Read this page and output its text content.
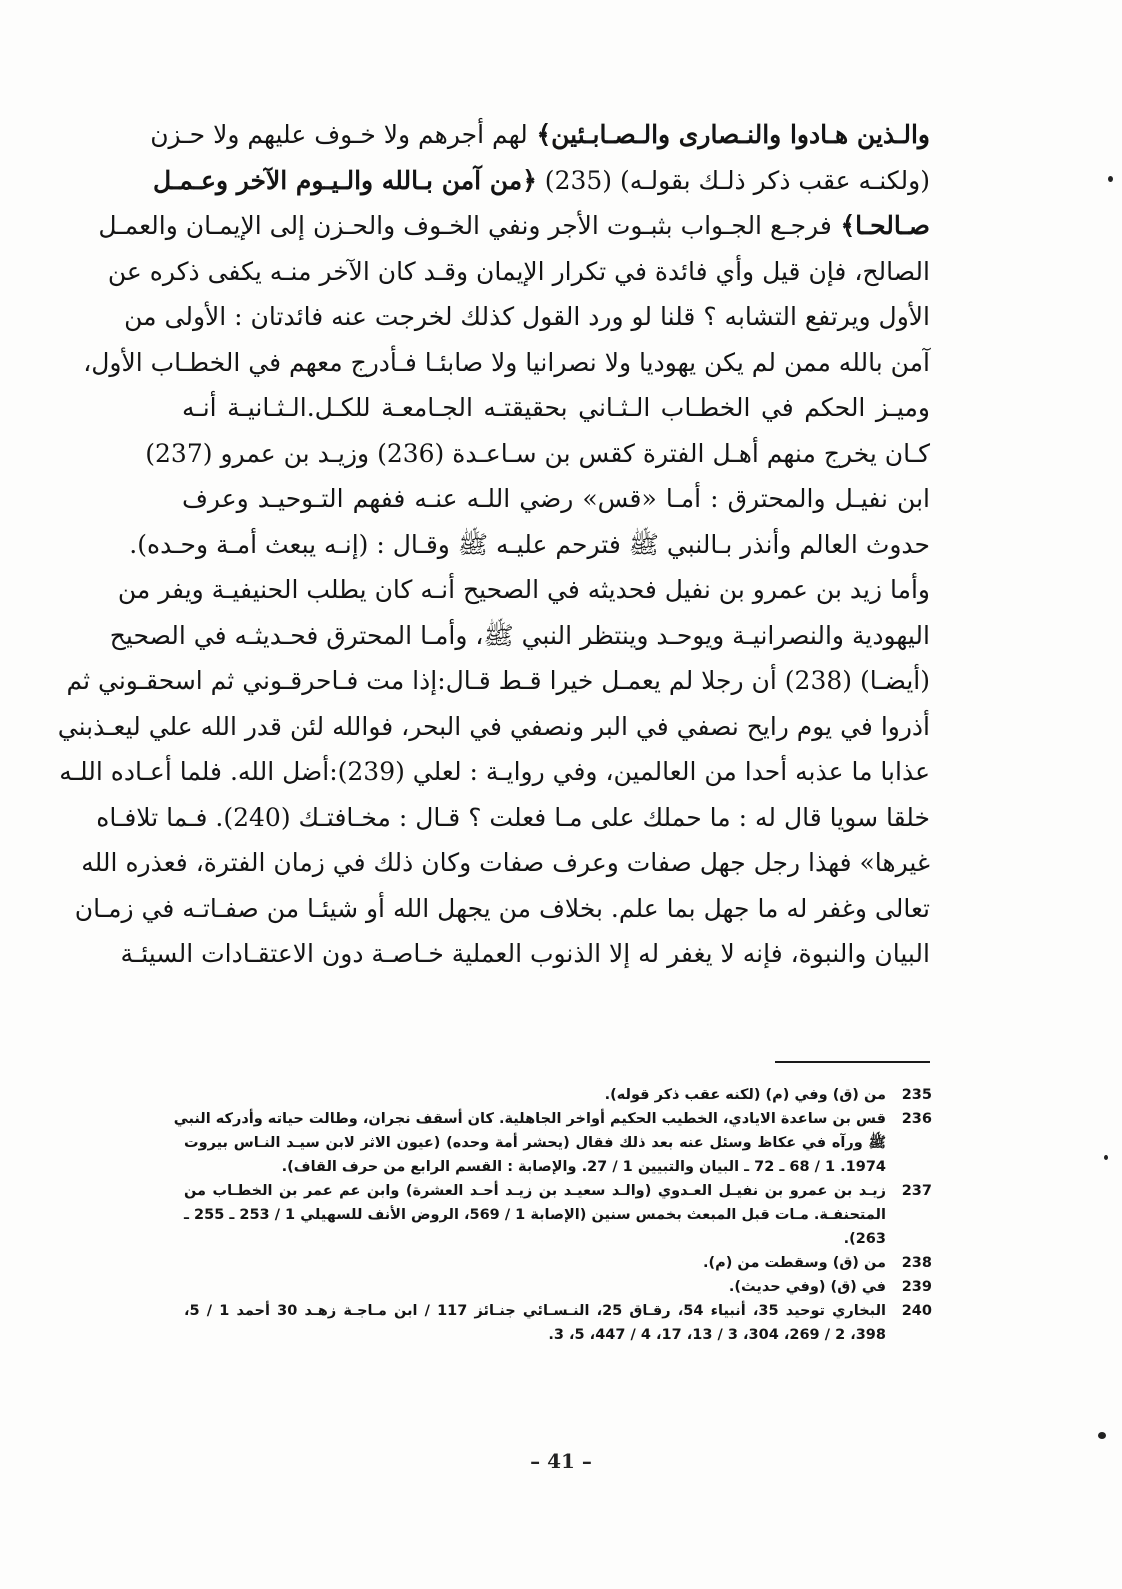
والـذين هـادوا والنـصارى والـصـابـئين﴾ لهم أجرهم ولا خـوف عليهم ولا حـزن
(ولكنـه عقب ذكر ذلـك بقولـه) (235) ﴿من آمن بـالله والـيـوم الآخر وعـمـل
صـالحـا﴾ فرجـع الجـواب بثبـوت الأجر ونفي الخـوف والحـزن إلى الإيمـان والعمـل
الصالح، فإن قيل وأي فائدة في تكرار الإيمان وقـد كان الآخر منـه يكفى ذكره عن
الأول ويرتفع التشابه ؟ قلنا لو ورد القول كذلك لخرجت عنه فائدتان : الأولى من
آمن بالله ممن لم يكن يهوديا ولا نصرانيا ولا صابئـا فـأدرج معهم في الخطـاب الأول،
وميـز الحكم في الخطـاب الـثـاني بحقيقتـه الجـامعـة للكـل.الـثـانيـة أنـه
كـان يخرج منهم أهـل الفترة كقس بن سـاعـدة (236) وزيـد بن عمرو (237)
ابن نفيـل والمحترق : أمـا «قس» رضي اللـه عنـه ففهم التـوحيـد وعرف
حدوث العالم وأنذر بـالنبي ﷺ فترحم عليـه ﷺ وقـال : (إنـه يبعث أمـة وحـده).
وأما زيد بن عمرو بن نفيل فحديثه في الصحيح أنـه كان يطلب الحنيفيـة ويفر من
اليهودية والنصرانيـة ويوحـد وينتظر النبي ﷺ، وأمـا المحترق فحـديثـه في الصحيح
(أيضـا) (238) أن رجلا لم يعمـل خيرا قـط قـال:إذا مت فـاحرقـوني ثم اسحقـوني ثم
أذروا في يوم رايح نصفي في البر ونصفي في البحر، فوالله لئن قدر الله علي ليعـذبني
عذابا ما عذبه أحدا من العالمين، وفي روايـة : لعلي (239):أضل الله. فلما أعـاده اللـه
خلقا سويا قال له : ما حملك على مـا فعلت ؟ قـال : مخـافتـك (240). فـما تلافـاه
غيرها» فهذا رجل جهل صفات وعرف صفات وكان ذلك في زمان الفترة، فعذره الله
تعالى وغفر له ما جهل بما علم. بخلاف من يجهل الله أو شيئـا من صفـاتـه في زمـان
البيان والنبوة، فإنه لا يغفر له إلا الذنوب العملية خـاصـة دون الاعتقـادات السيئـة
235
من (ق) وفي (م) (لكنه عقب ذكر قوله).
236
قس بن ساعدة الايادي، الخطيب الحكيم أواخر الجاهلية. كان أسقف نجران، وطالت حياته وأدركه النبي
ﷺ ورآه في عكاظ وسئل عنه بعد ذلك فقال (يحشر أمة وحده) (عيون الاثر لابن سيـد النـاس بيروت
1974. 1 / 68 ـ 72 ـ البيان والتبيين 1 / 27. والإصابة : القسم الرابع من حرف القاف).
237
زيـد بن عمرو بن نفيـل العـدوي (والـد سعيـد بن زيـد أحـد العشرة) وابن عم عمر بن الخطـاب من
المتحنفـة. مـات قبل المبعث بخمس سنين (الإصابة 1 / 569، الروض الأنف للسهيلي 1 / 253 ـ 255 ـ
263).
238
من (ق) وسقطت من (م).
239
في (ق) (وفي حديث).
240
البخاري توحيد 35، أنبياء 54، رقـاق 25، النـسـائي جنـائز 117 / ابن مـاجـة زهـد 30 أحمد 1 / 5،
398، 2 / 269، 304، 3 / 13، 17، 4 / 447، 5، 3.
– 41 –
